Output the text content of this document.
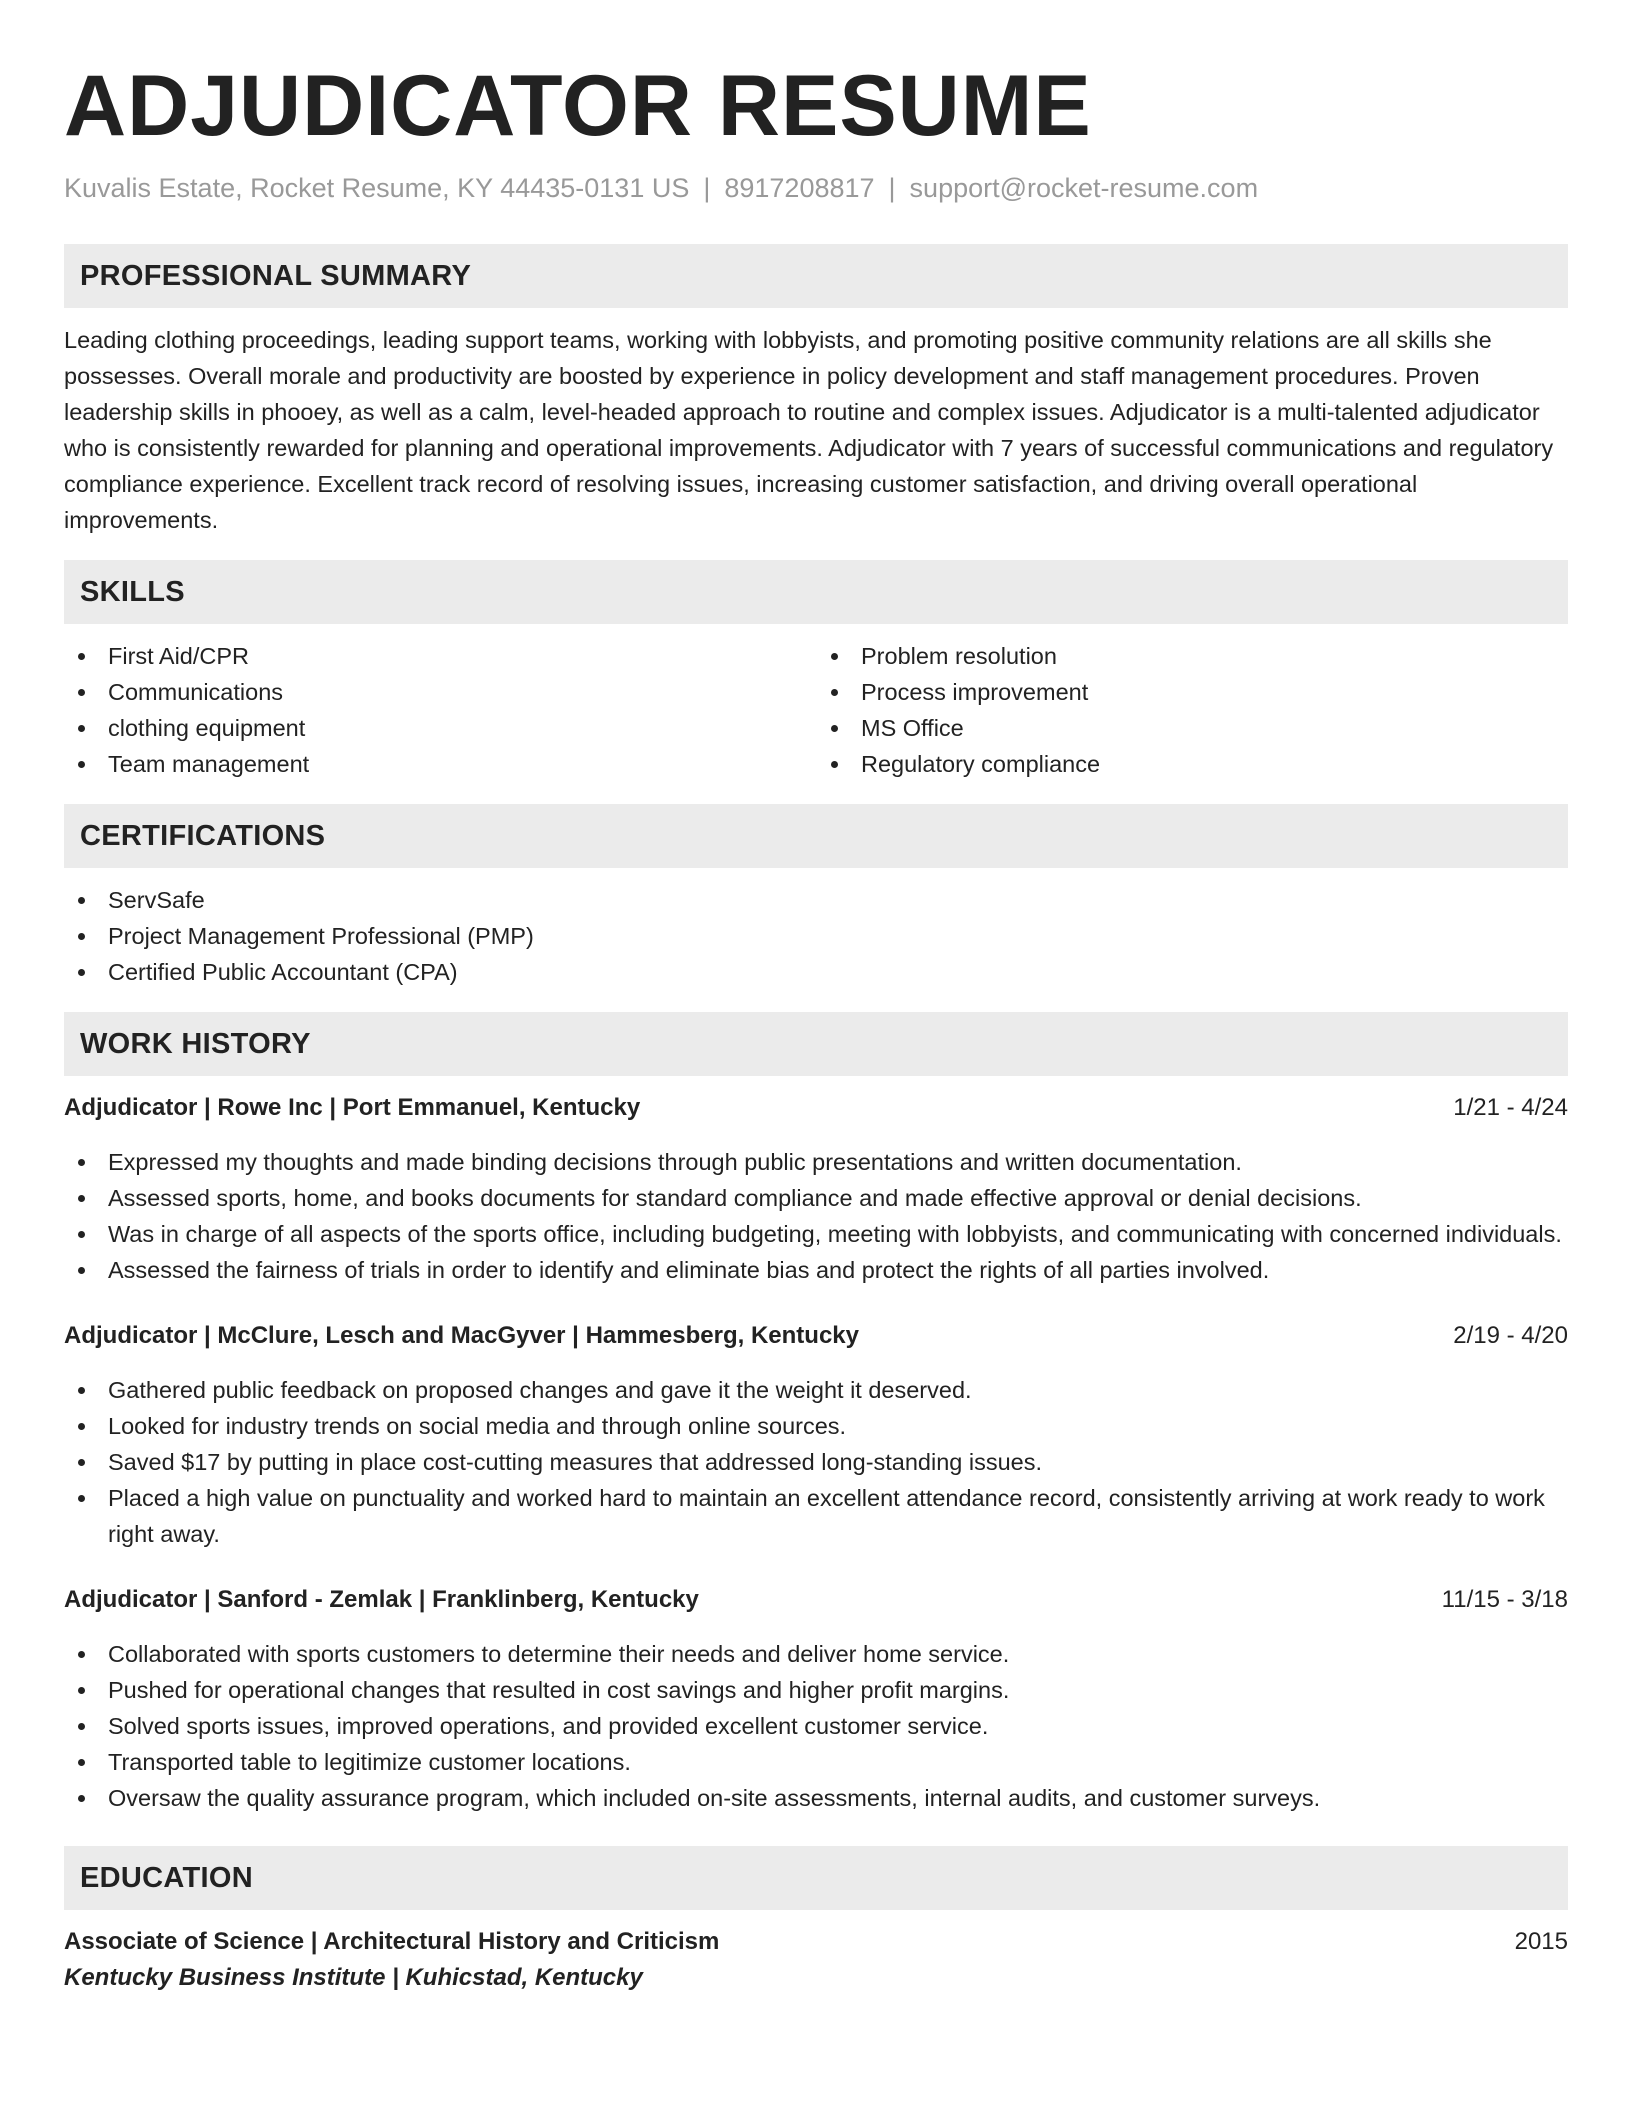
ADJUDICATOR RESUME
Kuvalis Estate, Rocket Resume, KY 44435-0131 US | 8917208817 | support@rocket-resume.com
PROFESSIONAL SUMMARY

Leading clothing proceedings, leading support teams, working with lobbyists, and promoting positive community relations are all skills she possesses. Overall morale and productivity are boosted by experience in policy development and staff management procedures. Proven leadership skills in phooey, as well as a calm, level-headed approach to routine and complex issues. Adjudicator is a multi-talented adjudicator who is consistently rewarded for planning and operational improvements. Adjudicator with 7 years of successful communications and regulatory compliance experience. Excellent track record of resolving issues, increasing customer satisfaction, and driving overall operational improvements.

SKILLS
First Aid/CPR
Communications
clothing equipment
Team management
Problem resolution
Process improvement
MS Office
Regulatory compliance
CERTIFICATIONS
ServSafe
Project Management Professional (PMP)
Certified Public Accountant (CPA)
WORK HISTORY
Adjudicator | Rowe Inc | Port Emmanuel, Kentucky	1/21 - 4/24
Expressed my thoughts and made binding decisions through public presentations and written documentation.
Assessed sports, home, and books documents for standard compliance and made effective approval or denial decisions.
Was in charge of all aspects of the sports office, including budgeting, meeting with lobbyists, and communicating with concerned individuals.
Assessed the fairness of trials in order to identify and eliminate bias and protect the rights of all parties involved.
Adjudicator | McClure, Lesch and MacGyver | Hammesberg, Kentucky	2/19 - 4/20
Gathered public feedback on proposed changes and gave it the weight it deserved.
Looked for industry trends on social media and through online sources.
Saved $17 by putting in place cost-cutting measures that addressed long-standing issues.
Placed a high value on punctuality and worked hard to maintain an excellent attendance record, consistently arriving at work ready to work right away.
Adjudicator | Sanford - Zemlak | Franklinberg, Kentucky	11/15 - 3/18
Collaborated with sports customers to determine their needs and deliver home service.
Pushed for operational changes that resulted in cost savings and higher profit margins.
Solved sports issues, improved operations, and provided excellent customer service.
Transported table to legitimize customer locations.
Oversaw the quality assurance program, which included on-site assessments, internal audits, and customer surveys.
EDUCATION
Associate of Science | Architectural History and Criticism	2015
Kentucky Business Institute | Kuhicstad, Kentucky
